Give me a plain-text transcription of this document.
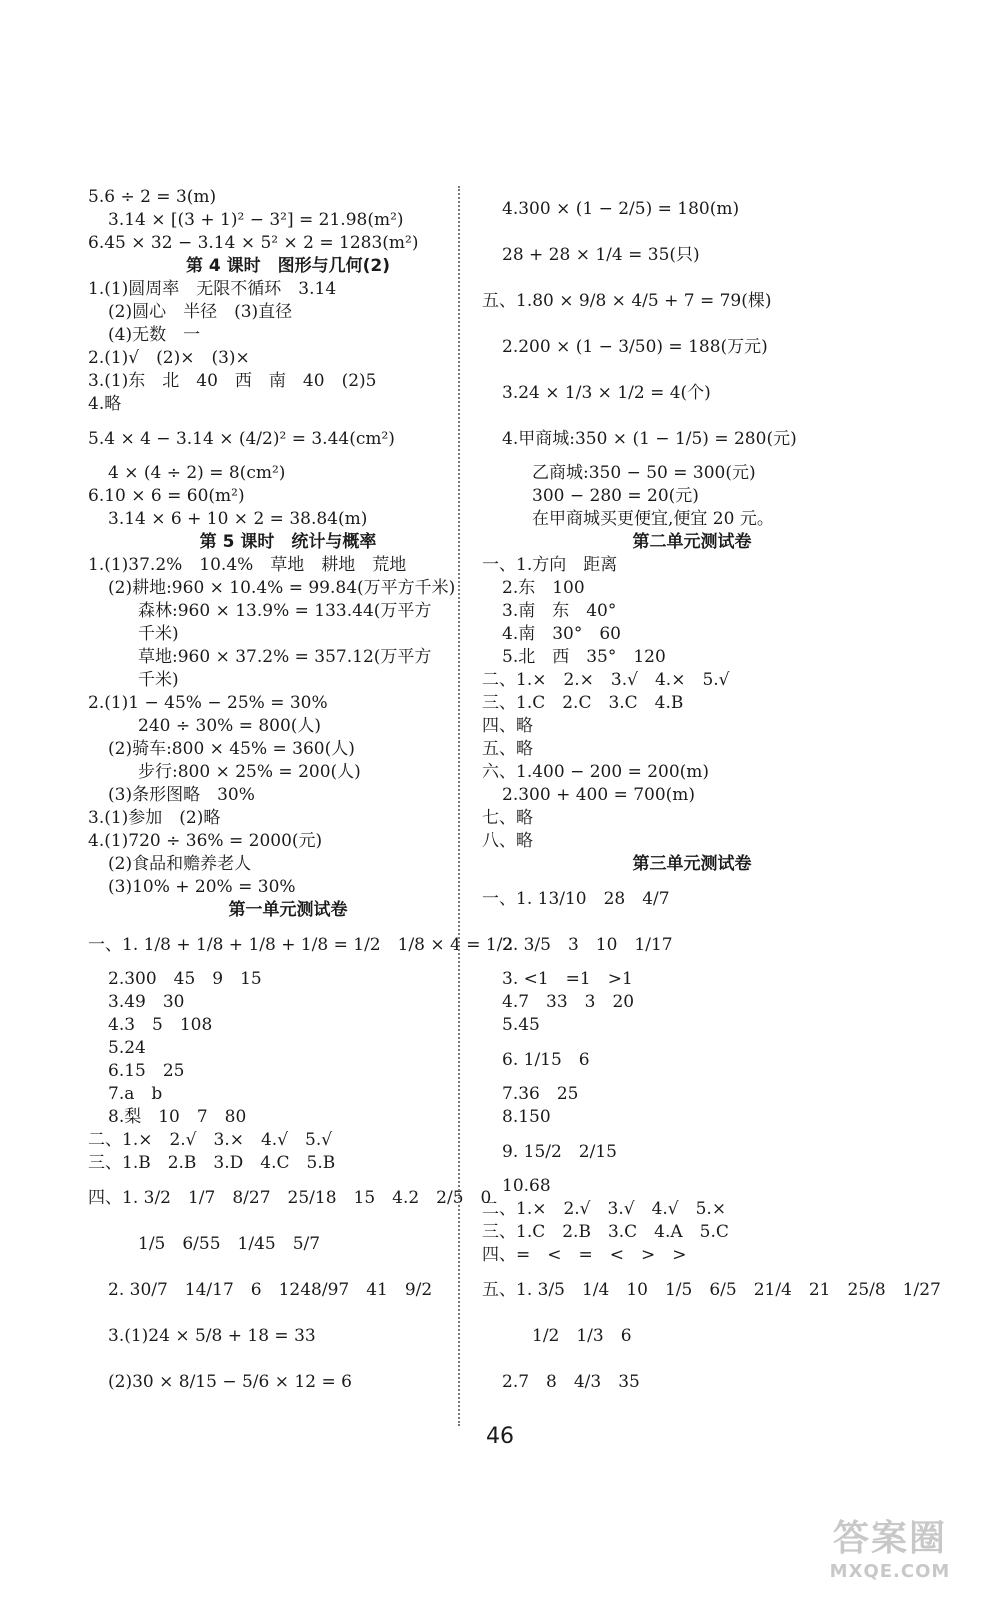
5.6 ÷ 2 = 3(m)
3.14 × [(3 + 1)² − 3²] = 21.98(m²)
6.45 × 32 − 3.14 × 5² × 2 = 1283(m²)
第 4 课时　图形与几何(2)
1.(1)圆周率　无限不循环　3.14
(2)圆心　半径　(3)直径
(4)无数　一
2.(1)√　(2)×　(3)×
3.(1)东　北　40　西　南　40　(2)5
4.略
5.4 × 4 − 3.14 × (4/2)² = 3.44(cm²)
4 × (4 ÷ 2) = 8(cm²)
6.10 × 6 = 60(m²)
3.14 × 6 + 10 × 2 = 38.84(m)
第 5 课时　统计与概率
1.(1)37.2%　10.4%　草地　耕地　荒地
(2)耕地:960 × 10.4% = 99.84(万平方千米)
森林:960 × 13.9% = 133.44(万平方
千米)
草地:960 × 37.2% = 357.12(万平方
千米)
2.(1)1 − 45% − 25% = 30%
240 ÷ 30% = 800(人)
(2)骑车:800 × 45% = 360(人)
步行:800 × 25% = 200(人)
(3)条形图略　30%
3.(1)参加　(2)略
4.(1)720 ÷ 36% = 2000(元)
(2)食品和赡养老人
(3)10% + 20% = 30%
第一单元测试卷
一、1. 1/8 + 1/8 + 1/8 + 1/8 = 1/2　1/8 × 4 = 1/2
2.300　45　9　15
3.49　30
4.3　5　108
5.24
6.15　25
7.a　b
8.梨　10　7　80
二、1.×　2.√　3.×　4.√　5.√
三、1.B　2.B　3.D　4.C　5.B
四、1. 3/2　1/7　8/27　25/18　15　4.2　2/5　0
1/5　6/55　1/45　5/7
2. 30/7　14/17　6　1248/97　41　9/2
3.(1)24 × 5/8 + 18 = 33
(2)30 × 8/15 − 5/6 × 12 = 6
4.300 × (1 − 2/5) = 180(m)
28 + 28 × 1/4 = 35(只)
五、1.80 × 9/8 × 4/5 + 7 = 79(棵)
2.200 × (1 − 3/50) = 188(万元)
3.24 × 1/3 × 1/2 = 4(个)
4.甲商城:350 × (1 − 1/5) = 280(元)
乙商城:350 − 50 = 300(元)
300 − 280 = 20(元)
在甲商城买更便宜,便宜 20 元。
第二单元测试卷
一、1.方向　距离
2.东　100
3.南　东　40°
4.南　30°　60
5.北　西　35°　120
二、1.×　2.×　3.√　4.×　5.√
三、1.C　2.C　3.C　4.B
四、略
五、略
六、1.400 − 200 = 200(m)
2.300 + 400 = 700(m)
七、略
八、略
第三单元测试卷
一、1. 13/10　28　4/7
2. 3/5　3　10　1/17
3. <1　=1　>1
4.7　33　3　20
5.45
6. 1/15　6
7.36　25
8.150
9. 15/2　2/15
10.68
二、1.×　2.√　3.√　4.√　5.×
三、1.C　2.B　3.C　4.A　5.C
四、=　<　=　<　>　>
五、1. 3/5　1/4　10　1/5　6/5　21/4　21　25/8　1/27
1/2　1/3　6
2.7　8　4/3　35
46
答案圈
MXQE.COM
